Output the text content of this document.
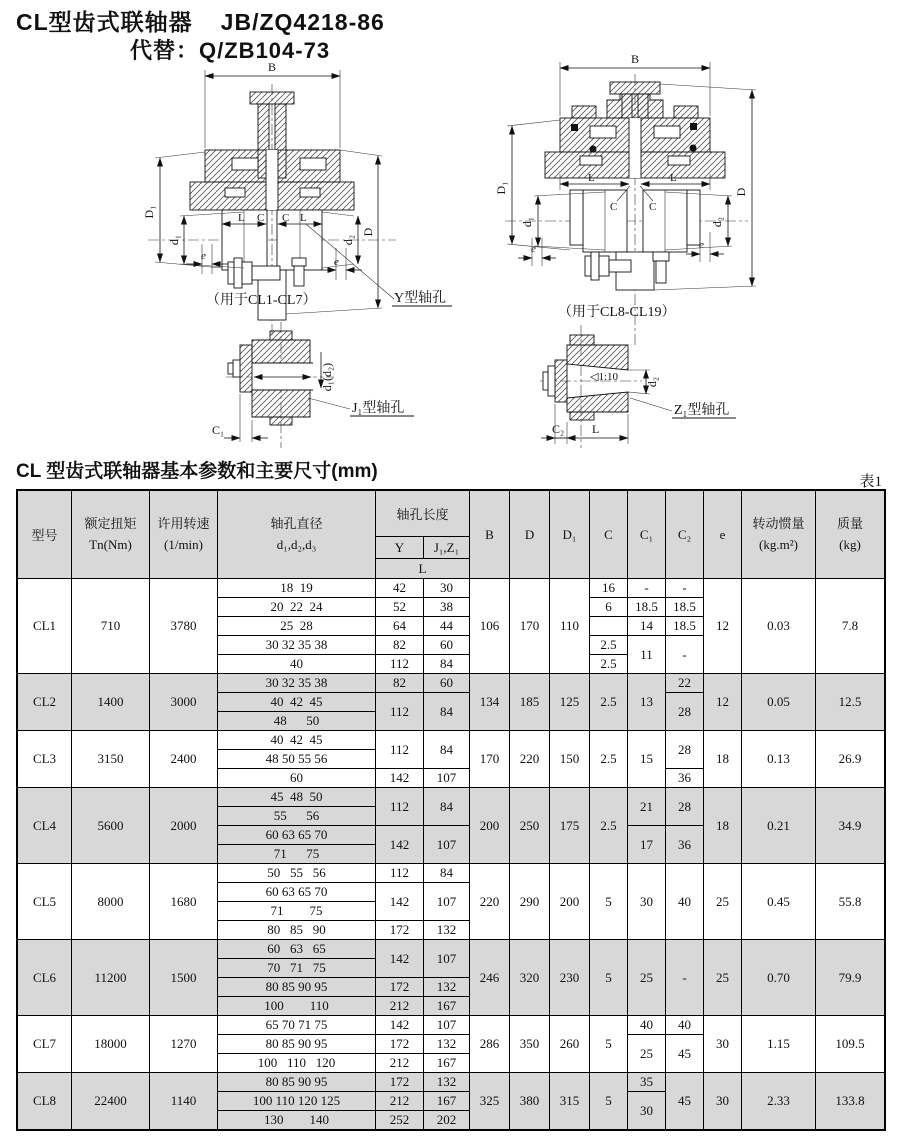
CL型齿式联轴器 JB/ZQ4218-86
代替：Q/ZB104-73
B
L C C L
D₁
d₁	d₂
D
e	e
Y型轴孔
（用于CL1-CL7）
B
L	L
C	C
D₁
d₁	d₂
D
e	e
（用于CL8-CL19）
d₁(d₂)
C₁
J₁型轴孔
◁1:10 d₂
Z₁型轴孔
C₂ L
CL 型齿式联轴器基本参数和主要尺寸(mm)	表1
型号	
额定扭矩
Tn(Nm)

许用转速
(1/min)

轴孔直径
d₁,d₂,d₃
	轴孔长度	B	D	D₁	C	C₁	C₂	e	
转动惯量
(kg.m²)

质量
(kg)

				Y	J₁,Z₁									
				L										
CL1	710	3780	18  19	42	30	106	170	110	16	-	-	12	0.03	7.8
			20  22  24	52	38				6	18.5	18.5			
			25  28	64	44					14	18.5			
			30 32 35 38	82	60				2.5	11	-			
			40	112	84				2.5					
CL2	1400	3000	30 32 35 38	82	60	134	185	125	2.5	13	22	12	0.05	12.5
			40  42  45	112	84						28			
			48      50											
CL3	3150	2400	40  42  45	112	84	170	220	150	2.5	15	28	18	0.13	26.9
			48 50 55 56											
			60	142	107						36			
CL4	5600	2000	45  48  50	112	84	200	250	175	2.5	21	28	18	0.21	34.9
			55      56											
			60 63 65 70	142	107					17	36			
			71      75											
CL5	8000	1680	50   55   56	112	84	220	290	200	5	30	40	25	0.45	55.8
			60 63 65 70	142	107									
			71        75											
			80   85   90	172	132									
CL6	11200	1500	60   63   65	142	107	246	320	230	5	25	-	25	0.70	79.9
			70   71   75											
			80 85 90 95	172	132									
			100        110	212	167									
CL7	18000	1270	65 70 71 75	142	107	286	350	260	5	40	40	30	1.15	109.5
			80 85 90 95	172	132					25	45			
			100   110   120	212	167									
CL8	22400	1140	80 85 90 95	172	132	325	380	315	5	35	45	30	2.33	133.8
			100 110 120 125	212	167					30				
			130        140	252	202									
